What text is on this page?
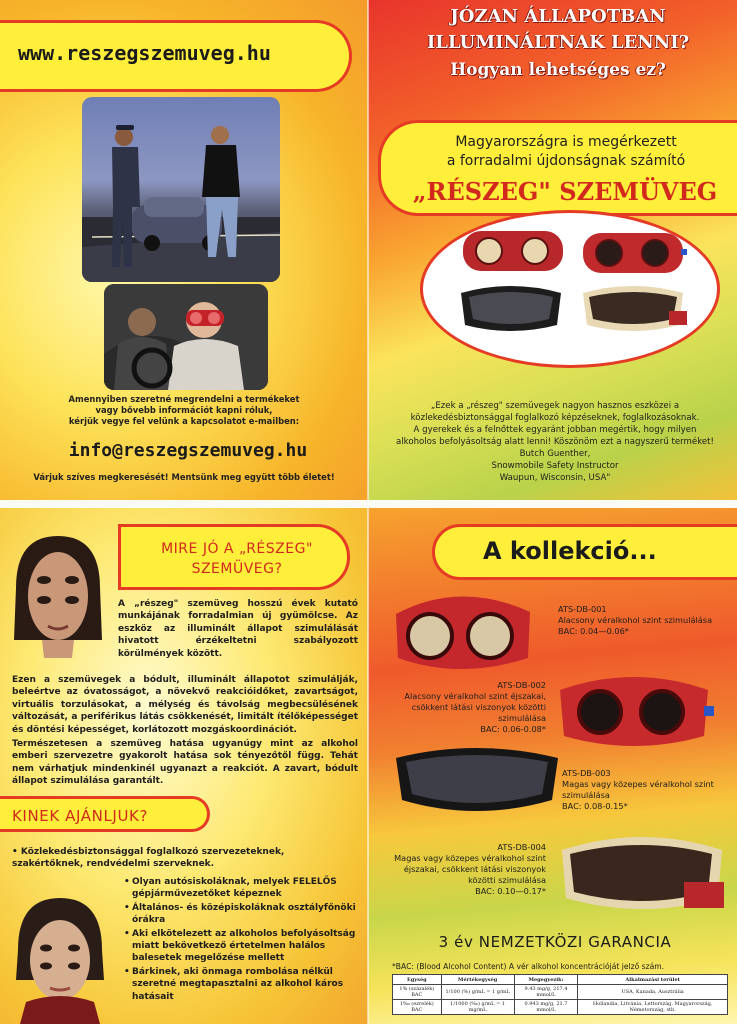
www.reszegszemuveg.hu
Amennyiben szeretné megrendelni a termékeket
vagy bővebb információt kapni róluk,
kérjük vegye fel velünk a kapcsolatot e-mailben:
info@reszegszemuveg.hu
Várjuk szíves megkeresését! Mentsünk meg együtt több életet!
JÓZAN ÁLLAPOTBAN
ILLUMINÁLTNAK LENNI?
Hogyan lehetséges ez?
Magyarországra is megérkezett
a forradalmi újdonságnak számító
„RÉSZEG" SZEMÜVEG
„Ezek a „részeg" szemüvegek nagyon hasznos eszközei a
közlekedésbiztonsággal foglalkozó képzéseknek, foglalkozásoknak.
A gyerekek és a felnőttek egyaránt jobban megértik, hogy milyen
alkoholos befolyásoltság alatt lenni! Köszönöm ezt a nagyszerű terméket!
Butch Guenther,
Snowmobile Safety Instructor
Waupun, Wisconsin, USA"
MIRE JÓ A „RÉSZEG"
SZEMÜVEG?
A „részeg" szemüveg hosszú évek kutató munkájának forradalmian új gyümölcse. Az eszköz az illuminált állapot szimulálását hivatott érzékeltetni szabályozott körülmények között.
Ezen a szemüvegek a bódult, illuminált állapotot szimulálják, beleértve az óvatosságot, a növekvő reakcióidőket, zavartságot, virtuális torzulásokat, a mélység és távolság megbecsülésének változását, a periférikus látás csökkenését, limitált ítélőképességet és döntési képességet, korlátozott mozgáskoordinációt.
Természetesen a szemüveg hatása ugyanúgy mint az alkohol emberi szervezetre gyakorolt hatása sok tényezőtől függ. Tehát nem várhatjuk mindenkinél ugyanazt a reakciót. A zavart, bódult állapot szimulálása garantált.
KINEK AJÁNLJUK?
• Közlekedésbiztonsággal foglalkozó szervezeteknek, szakértőknek, rendvédelmi szerveknek.
• Olyan autósiskoláknak, melyek FELELŐS gépjárművezetőket képeznek
• Általános- és középiskoláknak osztályfőnöki órákra
• Aki elkötelezett az alkoholos befolyásoltság miatt bekövetkező értetelmen halálos balesetek megelőzése mellett
• Bárkinek, aki önmaga rombolása nélkül szeretné megtapasztalni az alkohol káros hatásait
A kollekció...
ATS-DB-001
Alacsony véralkohol szint szimulálása
BAC: 0.04—0.06*
ATS-DB-002
Alacsony véralkohol szint éjszakai, csökkent látási viszonyok közötti szimulálása
BAC: 0.06-0.08*
ATS-DB-003
Magas vagy közepes véralkohol szint szimulálása
BAC: 0.08-0.15*
ATS-DB-004
Magas vagy közepes véralkohol szint éjszakai, csökkent látási viszonyok közötti szimulálása
BAC: 0.10—0.17*
3 év NEMZETKÖZI GARANCIA
*BAC: (Blood Alcohol Content) A vér alkohol koncentrációját jelző szám.
Egység	Mértékegység	Megegyezik:	Alkalmazási terület
1% (százalék) BAC	1/100 (%) g/mL = 1 g/mL	9.43 mg/g, 217.4 mmol/L	USA, Kanada, Ausztrália
1‰ (ezrelék) BAC	1/1000 (‰) g/mL = 1 mg/mL	0.943 mg/g, 21.7 mmol/L	Hollandia, Litvánia, Lettország, Magyarország, Németország, stb.
